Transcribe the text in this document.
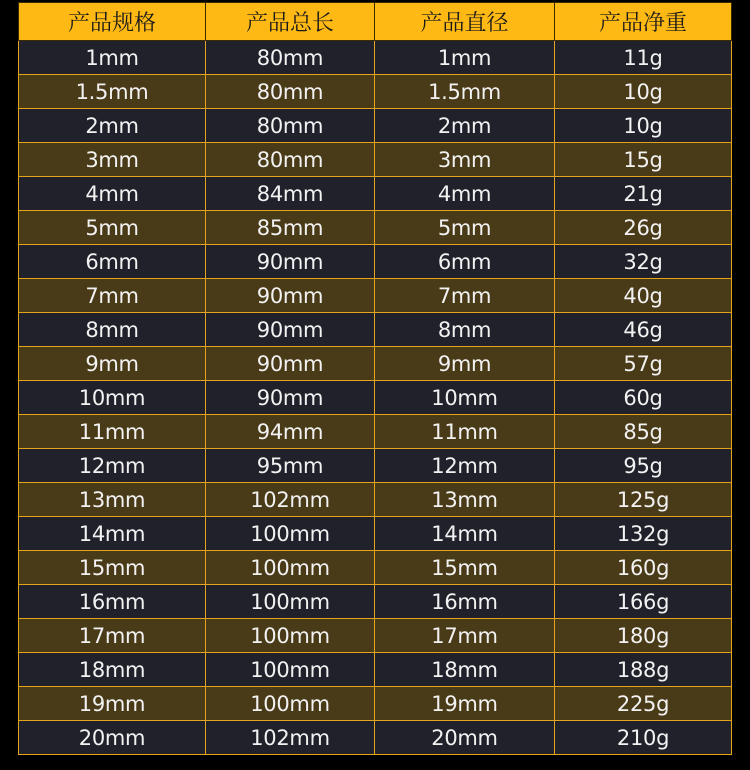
产品规格	产品总长	产品直径	产品净重
1mm	80mm	1mm	11g
1.5mm	80mm	1.5mm	10g
2mm	80mm	2mm	10g
3mm	80mm	3mm	15g
4mm	84mm	4mm	21g
5mm	85mm	5mm	26g
6mm	90mm	6mm	32g
7mm	90mm	7mm	40g
8mm	90mm	8mm	46g
9mm	90mm	9mm	57g
10mm	90mm	10mm	60g
11mm	94mm	11mm	85g
12mm	95mm	12mm	95g
13mm	102mm	13mm	125g
14mm	100mm	14mm	132g
15mm	100mm	15mm	160g
16mm	100mm	16mm	166g
17mm	100mm	17mm	180g
18mm	100mm	18mm	188g
19mm	100mm	19mm	225g
20mm	102mm	20mm	210g
